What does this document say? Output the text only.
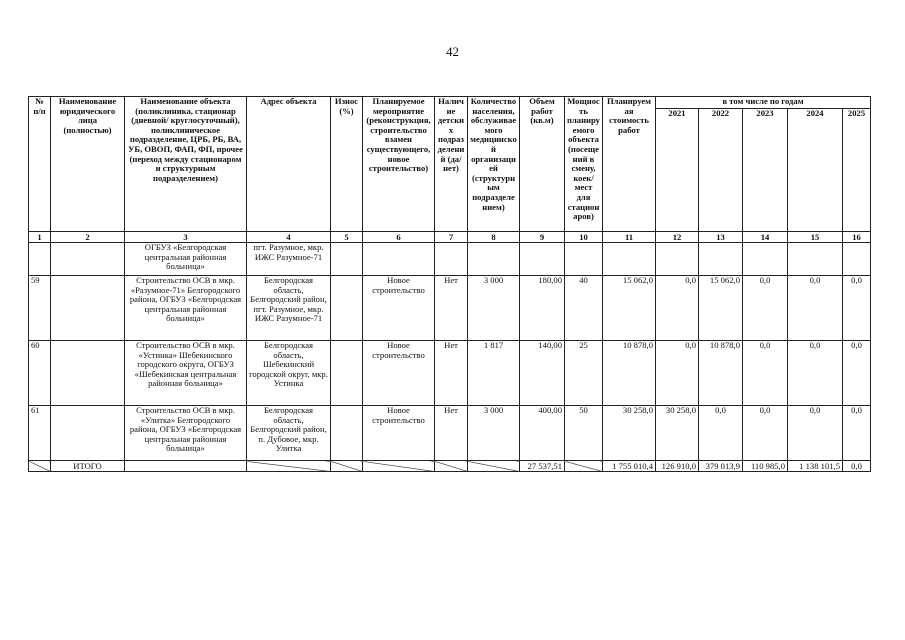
42
№ п/п	Наименование юридического лица (полностью)	Наименование объекта (поликлиника, стационар (дневной/ круглосуточный), поликлиническое подразделение, ЦРБ, РБ, ВА, УБ, ОВОП, ФАП, ФП, прочее (переход между стационаром и структурным подразделением)	Адрес объекта	Износ (%)	Планируемое мероприятие (реконструкция, строительство взамен существующего, новое строительство)	Наличие детских подразделений (да/нет)	Количество населения, обслуживаемого медицинской организацией (структурным подразделением)	Объем работ (кв.м)	Мощность планируемого объекта (посещений в смену, коек/мест для стационаров)	Планируемая стоимость работ	в том числе по годам				
											2021	2022	2023	2024	2025
1	2	3	4	5	6	7	8	9	10	11	12	13	14	15	16
		ОГБУЗ «Белгородская центральная районная больница»	пгт. Разумное, мкр. ИЖС Разумное-71												
59		Строительство ОСВ в мкр. «Разумное-71» Белгородского района, ОГБУЗ «Белгородская центральная районная больница»	Белгородская область, Белгородский район, пгт. Разумное, мкр. ИЖС Разумное-71		Новое строительство	Нет	3 000	180,00	40	15 062,0	0,0	15 062,0	0,0	0,0	0,0
60		Строительство ОСВ в мкр. «Устинка» Шебекинского городского округа, ОГБУЗ «Шебекинская центральная районная больница»	Белгородская область, Шебекинский городской округ, мкр. Устинка		Новое строительство	Нет	1 817	140,00	25	10 878,0	0,0	10 878,0	0,0	0,0	0,0
61		Строительство ОСВ в мкр. «Улитка» Белгородского района, ОГБУЗ «Белгородская центральная районная больница»	Белгородская область, Белгородский район, п. Дубовое, мкр. Улитка		Новое строительство	Нет	3 000	400,00	50	30 258,0	30 258,0	0,0	0,0	0,0	0,0
	ИТОГО							27 537,51		1 755 010,4	126 910,0	379 013,9	110 985,0	1 138 101,5	0,0
